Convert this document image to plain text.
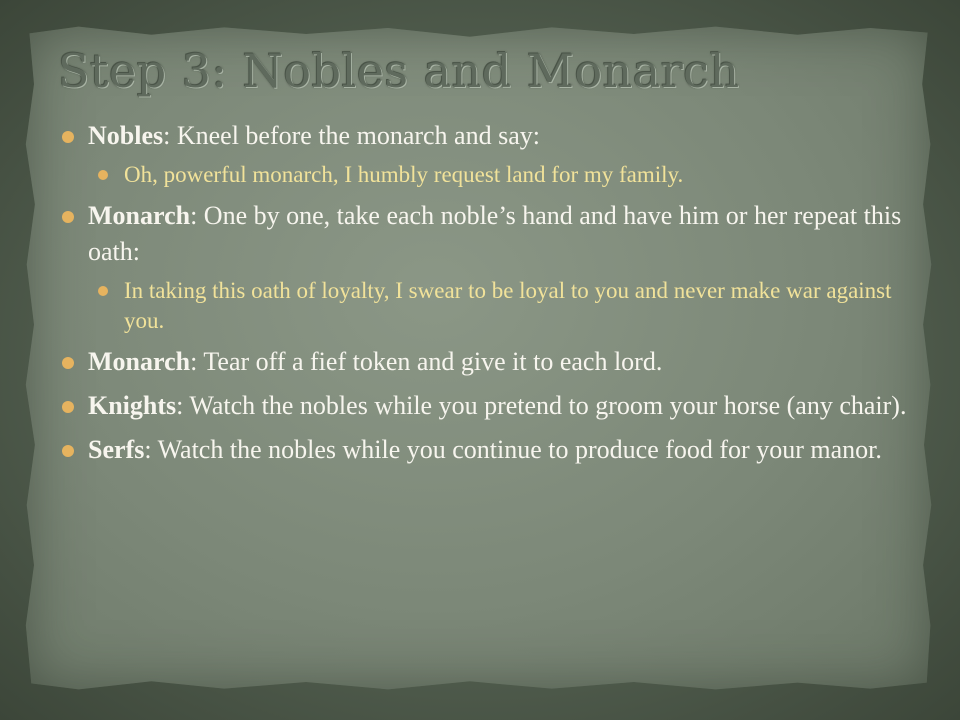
Step 3: Nobles and Monarch
Nobles: Kneel before the monarch and say:
Oh, powerful monarch, I humbly request land for my family.
Monarch: One by one, take each noble’s hand and have him or her repeat this oath:
In taking this oath of loyalty, I swear to be loyal to you and never make war against you.
Monarch: Tear off a fief token and give it to each lord.
Knights: Watch the nobles while you pretend to groom your horse (any chair).
Serfs: Watch the nobles while you continue to produce food for your manor.
